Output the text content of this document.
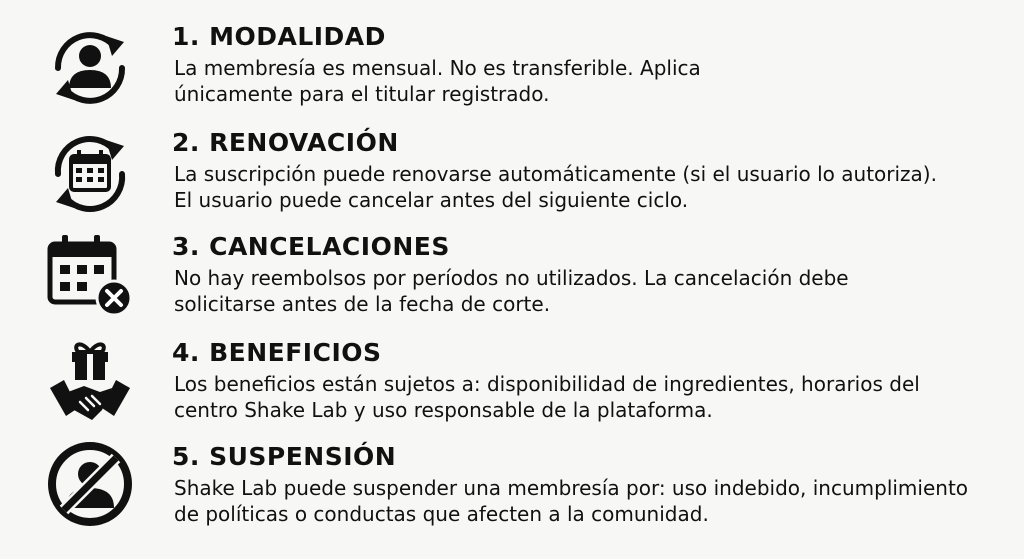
1. MODALIDAD
La membresía es mensual. No es transferible. Aplica
únicamente para el titular registrado.
2. RENOVACIÓN
La suscripción puede renovarse automáticamente (si el usuario lo autoriza).
El usuario puede cancelar antes del siguiente ciclo.
3. CANCELACIONES
No hay reembolsos por períodos no utilizados. La cancelación debe
solicitarse antes de la fecha de corte.
4. BENEFICIOS
Los beneficios están sujetos a: disponibilidad de ingredientes, horarios del
centro Shake Lab y uso responsable de la plataforma.
5. SUSPENSIÓN
Shake Lab puede suspender una membresía por: uso indebido, incumplimiento
de políticas o conductas que afecten a la comunidad.
